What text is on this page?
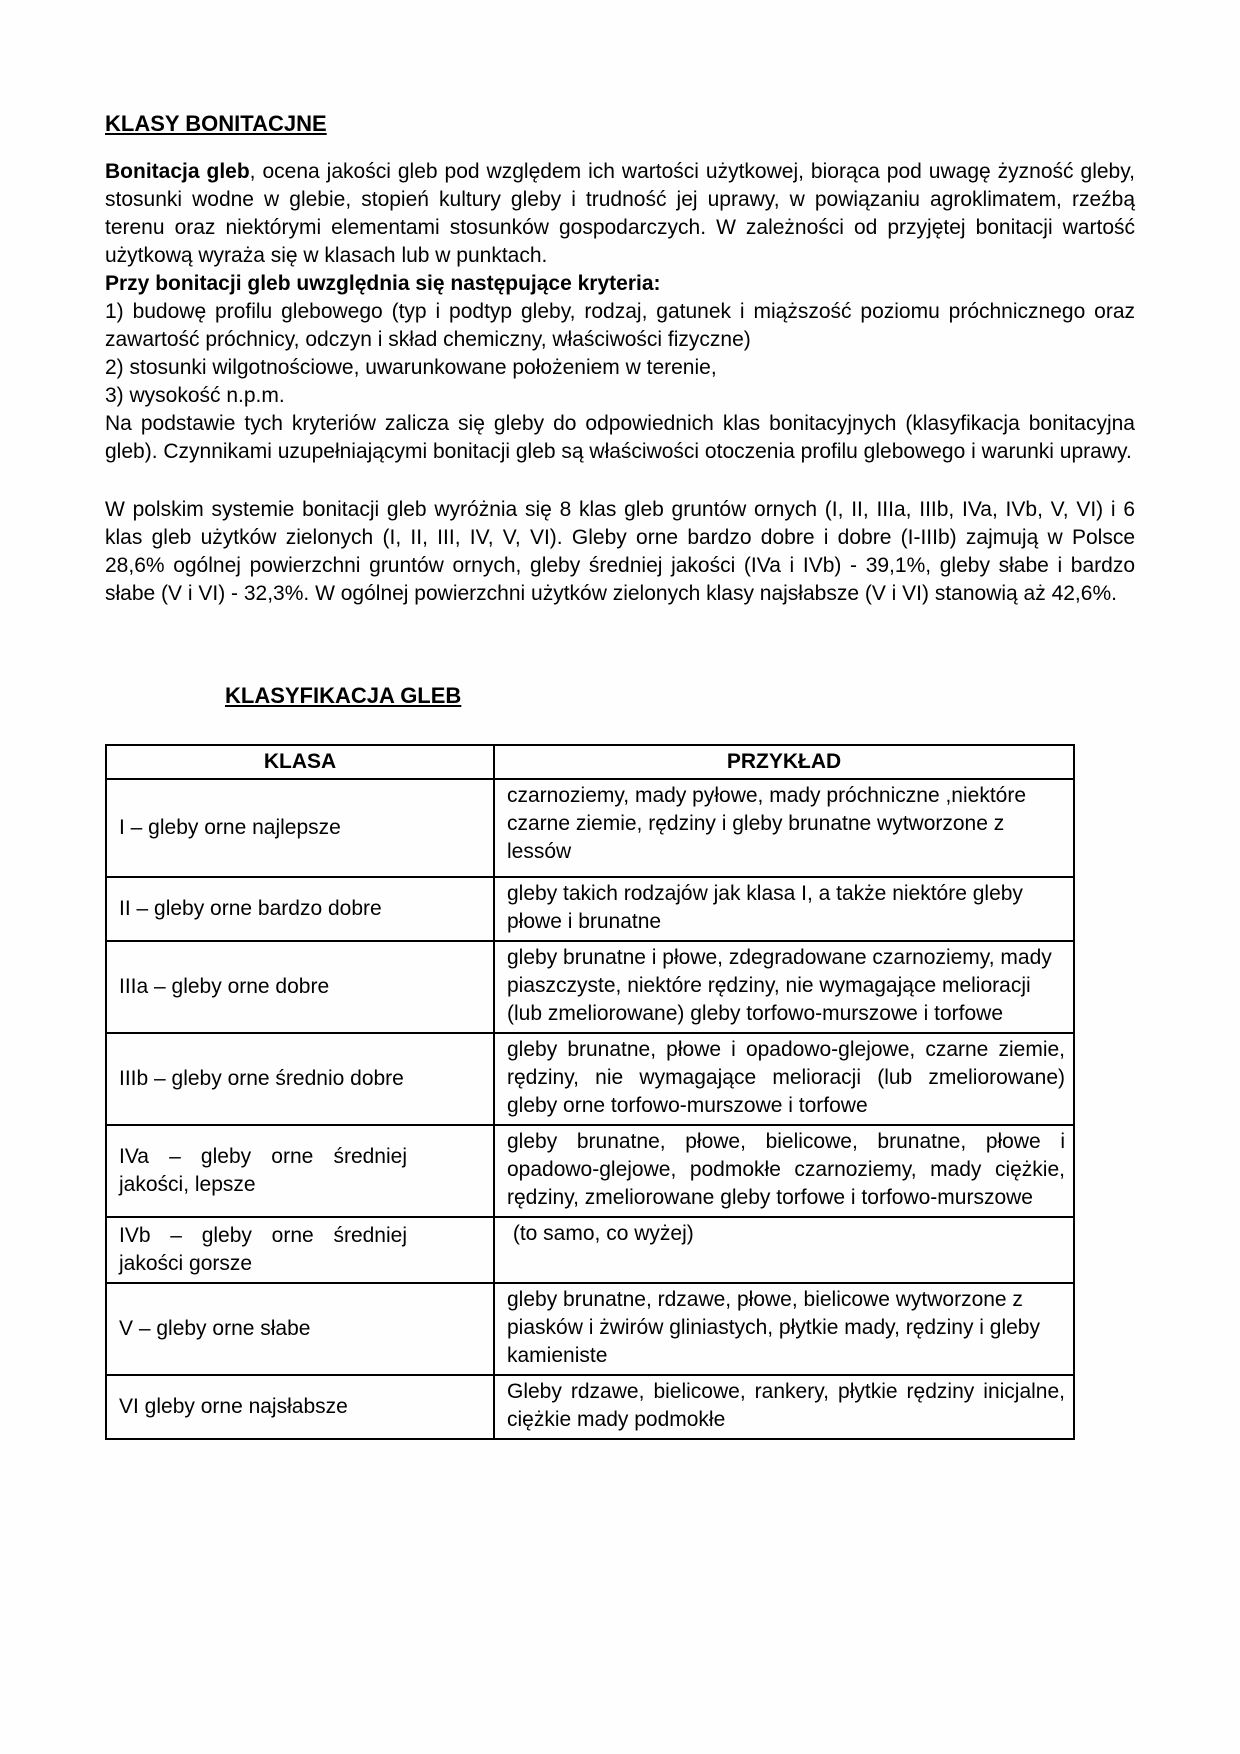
KLASY BONITACJNE

Bonitacja gleb, ocena jakości gleb pod względem ich wartości użytkowej, biorąca pod uwagę żyzność gleby, stosunki wodne w glebie, stopień kultury gleby i trudność jej uprawy, w powiązaniu agroklimatem, rzeźbą terenu oraz niektórymi elementami stosunków gospodarczych. W zależności od przyjętej bonitacji wartość użytkową wyraża się w klasach lub w punktach.

Przy bonitacji gleb uwzględnia się następujące kryteria:

1) budowę profilu glebowego (typ i podtyp gleby, rodzaj, gatunek i miąższość poziomu próchnicznego oraz zawartość próchnicy, odczyn i skład chemiczny, właściwości fizyczne)

2) stosunki wilgotnościowe, uwarunkowane położeniem w terenie,

3) wysokość n.p.m.

Na podstawie tych kryteriów zalicza się gleby do odpowiednich klas bonitacyjnych (klasyfikacja bonitacyjna gleb). Czynnikami uzupełniającymi bonitacji gleb są właściwości otoczenia profilu glebowego i warunki uprawy.

W polskim systemie bonitacji gleb wyróżnia się 8 klas gleb gruntów ornych (I, II, IIIa, IIIb, IVa, IVb, V, VI) i 6 klas gleb użytków zielonych (I, II, III, IV, V, VI). Gleby orne bardzo dobre i dobre (I-IIIb) zajmują w Polsce 28,6% ogólnej powierzchni gruntów ornych, gleby średniej jakości (IVa i IVb) - 39,1%, gleby słabe i bardzo słabe (V i VI) - 32,3%. W ogólnej powierzchni użytków zielonych klasy najsłabsze (V i VI) stanowią aż 42,6%.

KLASYFIKACJA GLEB
KLASA	PRZYKŁAD
I – gleby orne najlepsze	czarnoziemy, mady pyłowe, mady próchniczne ,niektóre czarne ziemie, rędziny i gleby brunatne wytworzone z lessów
II – gleby orne bardzo dobre	gleby takich rodzajów jak klasa I, a także niektóre gleby płowe i brunatne
IIIa – gleby orne dobre	gleby brunatne i płowe, zdegradowane czarnoziemy, mady piaszczyste, niektóre rędziny, nie wymagające melioracji (lub zmeliorowane) gleby torfowo-murszowe i torfowe
IIIb – gleby orne średnio dobre	gleby brunatne, płowe i opadowo-glejowe, czarne ziemie, rędziny, nie wymagające melioracji (lub zmeliorowane) gleby orne torfowo-murszowe i torfowe
IVa – gleby orne średniej jakości, lepsze	gleby brunatne, płowe, bielicowe, brunatne, płowe i opadowo-glejowe, podmokłe czarnoziemy, mady ciężkie, rędziny, zmeliorowane gleby torfowe i torfowo-murszowe
IVb – gleby orne średniej jakości gorsze	(to samo, co wyżej)
V – gleby orne słabe	gleby brunatne, rdzawe, płowe, bielicowe wytworzone z piasków i żwirów gliniastych, płytkie mady, rędziny i gleby kamieniste
VI gleby orne najsłabsze	Gleby rdzawe, bielicowe, rankery, płytkie rędziny inicjalne, ciężkie mady podmokłe
